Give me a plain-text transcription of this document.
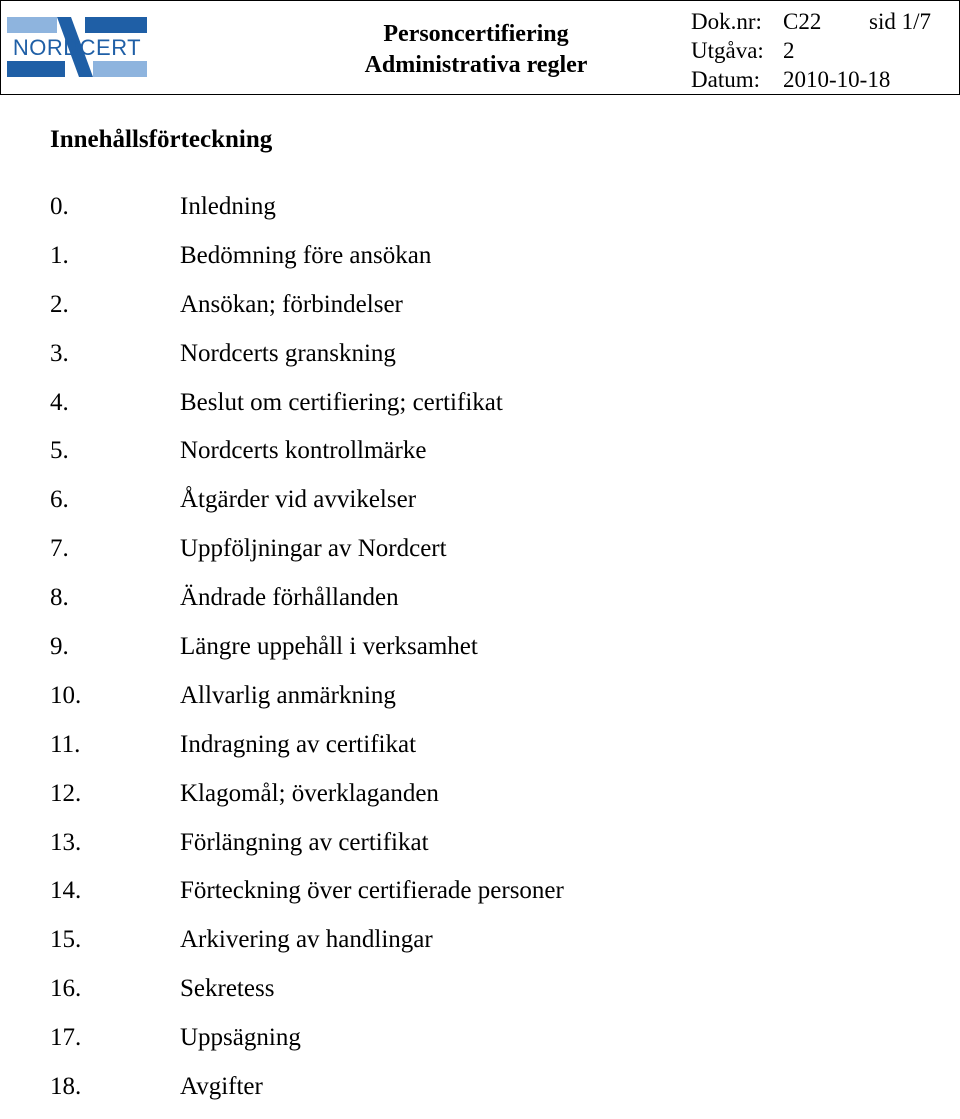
NORDCERT
Personcertifiering
Administrativa regler
Dok.nr: C22 sid 1/7
Utgåva: 2
Datum: 2010-10-18
Innehållsförteckning
0.	Inledning
1.	Bedömning före ansökan
2.	Ansökan; förbindelser
3.	Nordcerts granskning
4.	Beslut om certifiering; certifikat
5.	Nordcerts kontrollmärke
6.	Åtgärder vid avvikelser
7.	Uppföljningar av Nordcert
8.	Ändrade förhållanden
9.	Längre uppehåll i verksamhet
10.	Allvarlig anmärkning
11.	Indragning av certifikat
12.	Klagomål; överklaganden
13.	Förlängning av certifikat
14.	Förteckning över certifierade personer
15.	Arkivering av handlingar
16.	Sekretess
17.	Uppsägning
18.	Avgifter
